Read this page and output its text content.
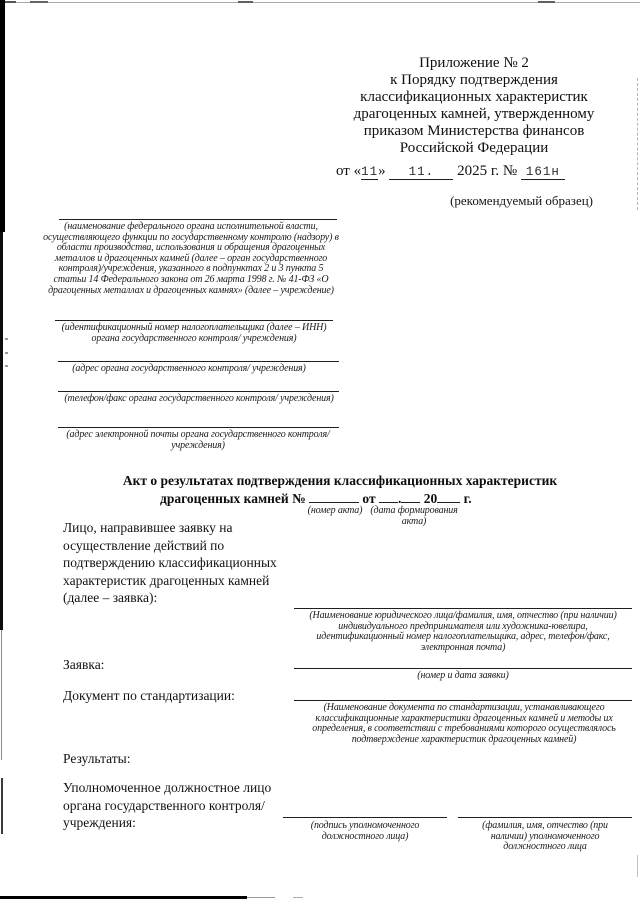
Приложение № 2
к Порядку подтверждения
классификационных характеристик
драгоценных камней, утвержденному
приказом Министерства финансов
Российской Федерации
от «11» 11. 2025 г. № 161н
(рекомендуемый образец)
(наименование федерального органа исполнительной власти, осуществляющего функции по государственному контролю (надзору) в области производства, использования и обращения драгоценных металлов и драгоценных камней (далее – орган государственного контроля)/учреждения, указанного в подпунктах 2 и 3 пункта 5 статьи 14 Федерального закона от 26 марта 1998 г. № 41-ФЗ «О драгоценных металлах и драгоценных камнях» (далее – учреждение)
(идентификационный номер налогоплательщика (далее – ИНН) органа государственного контроля/ учреждения)
(адрес органа государственного контроля/ учреждения)
(телефон/факс органа государственного контроля/ учреждения)
(адрес электронной почты органа государственного контроля/ учреждения)
Акт о результатах подтверждения классификационных характеристик
драгоценных камней №	от . 20 г.
(номер акта) (дата формирования акта)
Лицо, направившее заявку на осуществление действий по подтверждению классификационных характеристик драгоценных камней (далее – заявка):
(Наименование юридического лица/фамилия, имя, отчество (при наличии) индивидуального предпринимателя или художника-ювелира, идентификационный номер налогоплательщика, адрес, телефон/факс, электронная почта)
Заявка:
(номер и дата заявки)
Документ по стандартизации:
(Наименование документа по стандартизации, устанавливающего классификационные характеристики драгоценных камней и методы их определения, в соответствии с требованиями которого осуществлялось подтверждение характеристик драгоценных камней)
Результаты:
Уполномоченное должностное лицо органа государственного контроля/ учреждения:	(подпись уполномоченного должностного лица)
(фамилия, имя, отчество (при наличии) уполномоченного должностного лица
